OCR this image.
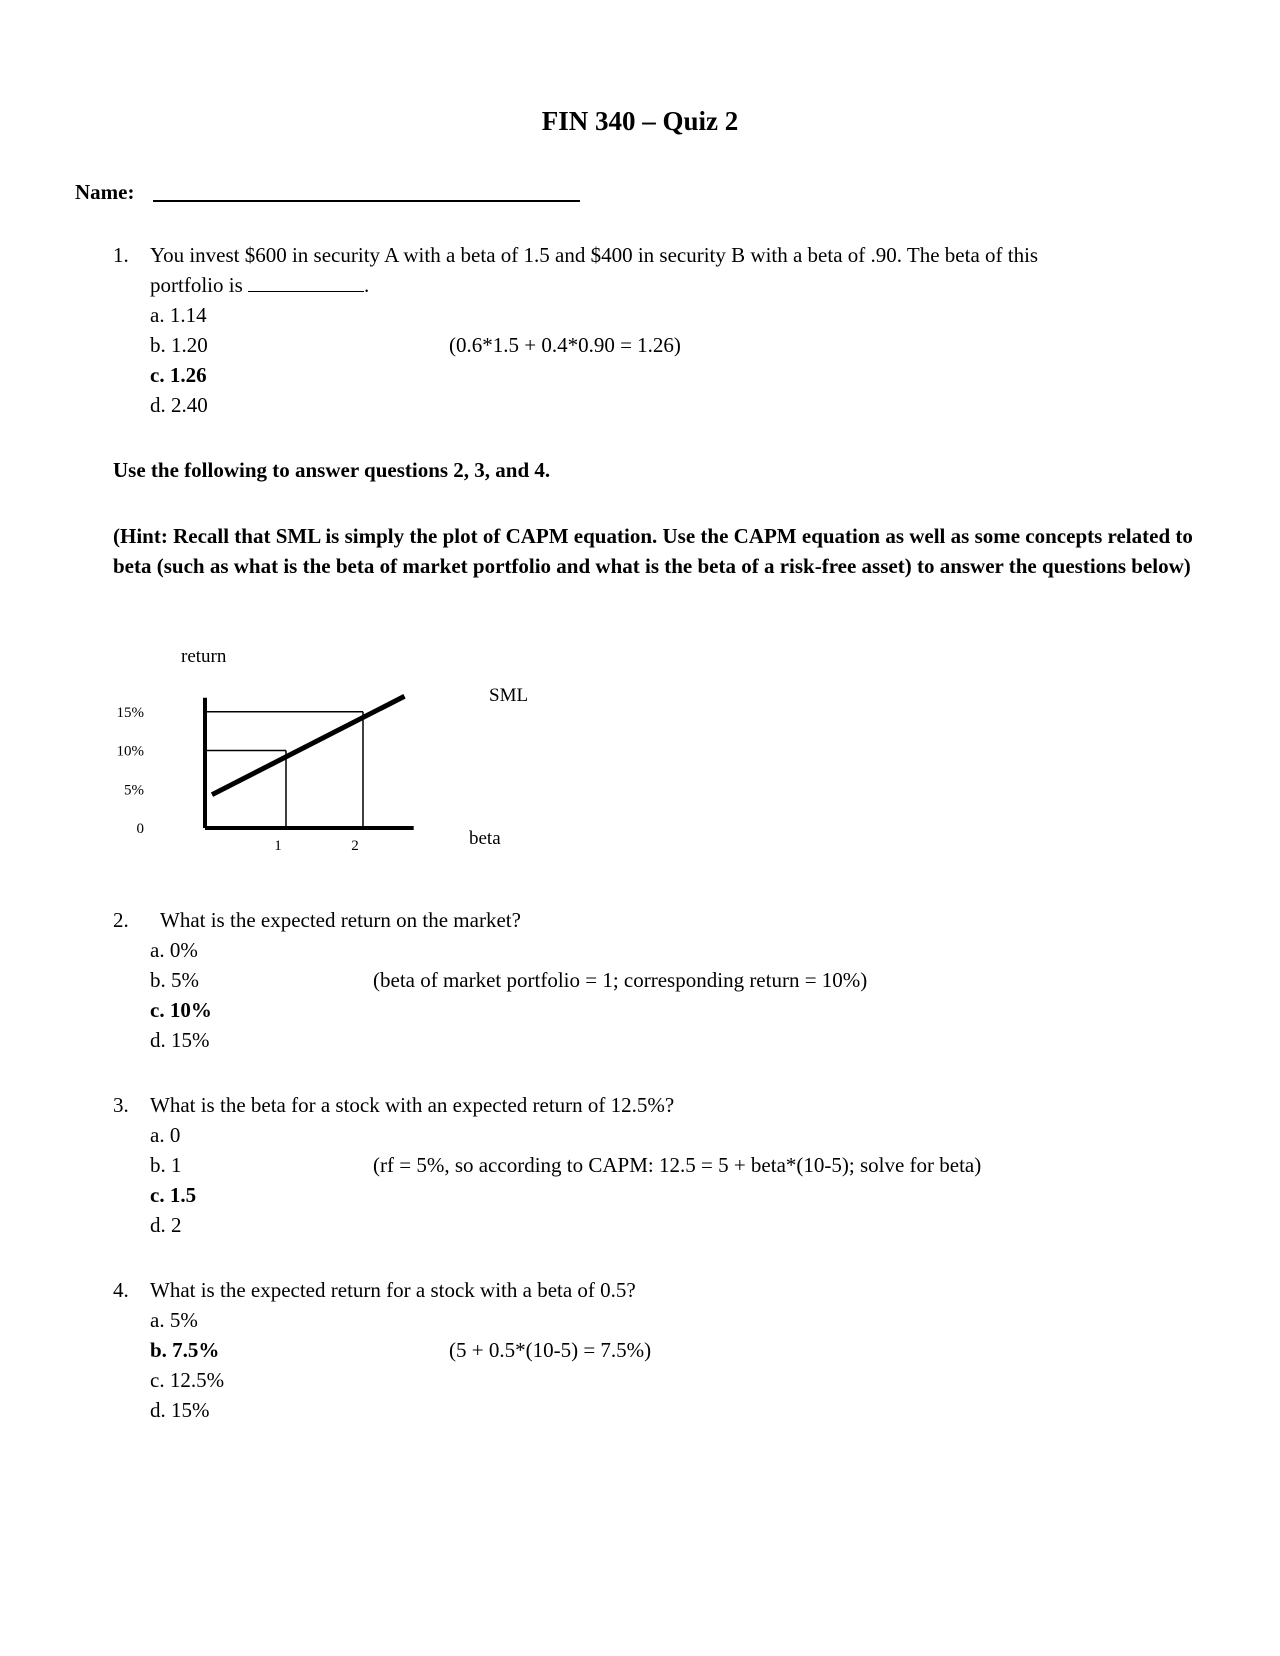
FIN 340 – Quiz 2
Name:
1. You invest $600 in security A with a beta of 1.5 and $400 in security B with a beta of .90. The beta of this
portfolio is	.
a. 1.14
b. 1.20
c. 1.26
d. 2.40
(0.6*1.5 + 0.4*0.90 = 1.26)
Use the following to answer questions 2, 3, and 4.
(Hint: Recall that SML is simply the plot of CAPM equation. Use the CAPM equation as well as some concepts related to beta (such as what is the beta of market portfolio and what is the beta of a risk-free asset) to answer the questions below)
return
0
5%
10%
15%
1	2
SML
beta
2. What is the expected return on the market?
a. 0%
b. 5%
c. 10%
d. 15%
(beta of market portfolio = 1; corresponding return = 10%)
3. What is the beta for a stock with an expected return of 12.5%?
a. 0
b. 1
c. 1.5
d. 2
(rf = 5%, so according to CAPM: 12.5 = 5 + beta*(10-5); solve for beta)
4. What is the expected return for a stock with a beta of 0.5?
a. 5%
b. 7.5%
c. 12.5%
d. 15%
(5 + 0.5*(10-5) = 7.5%)
